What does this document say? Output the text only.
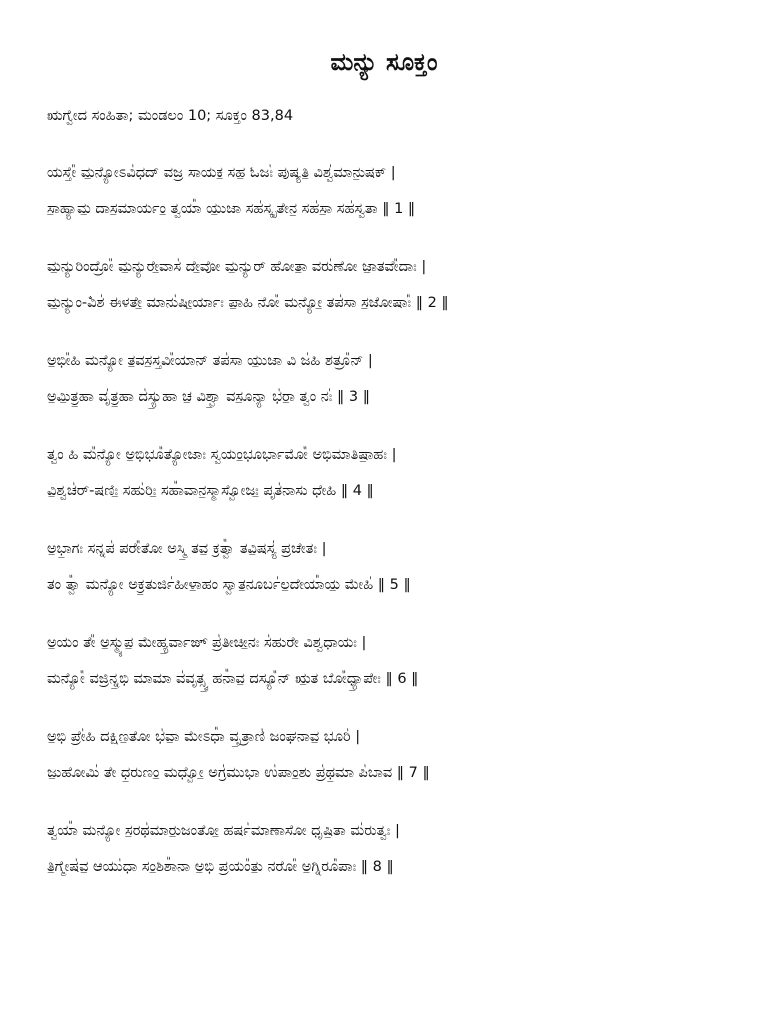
ಮನ್ಯು ಸೂಕ್ತಂ
ಋಗ್ವೇದ ಸಂಹಿತಾ; ಮಂಡಲಂ 10; ಸೂಕ್ತಂ 83,84
ಯಸ್ತೇ᳚ ಮ॒ನ್ಯೋಽವಿ॑ಧದ್ ವಜ್ರ ಸಾಯಕ॒ ಸಹ॒ ಓಜಃ॑ ಪುಷ್ಯತಿ॒ ವಿಶ್ವ॑ಮಾನು॒ಷಕ್ |
ಸಾ॒ಹ್ಯಾಮ॒ ದಾಸ॒ಮಾರ್ಯಂ॒ ತ್ವಯಾ᳚ ಯು॒ಜಾ ಸಹ॑ಸ್ಕೃತೇನ॒ ಸಹ॑ಸಾ॒ ಸಹ॑ಸ್ವತಾ ‖ 1 ‖
ಮ॒ನ್ಯುರಿಂದ್ರೋ᳚ ಮ॒ನ್ಯುರೇ॒ವಾಸ॑ ದೇ॒ವೋ ಮ॒ನ್ಯುರ್ ಹೋತಾ॒ ವರು॑ಣೋ ಜಾ॒ತವೇ᳚ದಾಃ |
ಮ॒ನ್ಯುಂ-ವಿಁಶ॑ ಈಳತೇ॒ ಮಾನು॑ಷೀ॒ರ್ಯಾಃ ಪಾ॒ಹಿ ನೋ᳚ ಮನ್ಯೋ॒ ತಪ॑ಸಾ ಸ॒ಜೋಷಾಃ᳚ ‖ 2 ‖
ಅ॒ಭೀ᳚ಹಿ ಮನ್ಯೋ ತ॒ವಸ॒ಸ್ತವೀ᳚ಯಾನ್ ತಪ॑ಸಾ ಯು॒ಜಾ ವಿ ಜ॑ಹಿ ಶತ್ರೂ᳚ನ್ |
ಅ॒ಮಿ॒ತ್ರ॒ಹಾ ವೃ॑ತ್ರ॒ಹಾ ದ॑ಸ್ಯು॒ಹಾ ಚ॒ ವಿಶ್ವಾ॒ ವಸೂ॒ನ್ಯಾ ಭ॑ರಾ॒ ತ್ವಂ ನಃ॑ ‖ 3 ‖
ತ್ವಂ ಹಿ ಮ᳚ನ್ಯೋ ಅ॒ಭಿಭೂ᳚ತ್ಯೋಜಾಃ ಸ್ವಯಂ॒ಭೂರ್ಭಾಮೋ᳚ ಅಭಿಮಾತಿಷಾ॒ಹಃ |
ವಿ॒ಶ್ವಚ॑ರ್-ಷಣಿಃ॒ ಸಹು॑ರಿಃ॒ ಸಹಾ᳚ವಾನ॒ಸ್ಮಾಸ್ವೋಜಃ॒ ಪೃತ॑ನಾಸು ಧೇಹಿ ‖ 4 ‖
ಅ॒ಭಾ॒ಗಃ ಸನ್ನಪ॑ ಪರೇ᳚ತೋ ಅಸ್ಮಿ॒ ತವ॒ ಕ್ರತ್ವಾ᳚ ತವಿ॒ಷಸ್ಯ॑ ಪ್ರಚೇತಃ |
ತಂ ತ್ವಾ᳚ ಮನ್ಯೋ ಅಕ್ರ॒ತುರ್ಜಿ॑ಹೀಳಾ॒ಹಂ ಸ್ವಾತ॒ನೂರ್ಬ॑ಲ॒ದೇಯಾ᳚ಯ॒ ಮೇಹಿ॑ ‖ 5 ‖
ಅ॒ಯಂ ತೇ᳚ ಅ॒ಸ್ಮ್ಯುಪ॒ ಮೇಹ್ಯ॒ರ್ವಾಙ್ ಪ್ರ॑ತೀಚೀ॒ನಃ ಸ॑ಹುರೇ ವಿಶ್ವಧಾಯಃ |
ಮನ್ಯೋ᳚ ವಜ್ರಿನ್ನ॒ಭಿ ಮಾಮಾ ವ॑ವೃತ್ಸ್ವ॒ ಹನಾ᳚ವ॒ ದಸ್ಯೂ᳚ನ್ ಋ॒ತ ಬೋ᳚ಧ್ಯಾ॒ಪೇಃ ‖ 6 ‖
ಅ॒ಭಿ ಪ್ರೇ॑ಹಿ ದಕ್ಷಿಣ॒ತೋ ಭ॑ವಾ॒ ಮೇಽಧಾ᳚ ವೃ॒ತ್ರಾಣಿ॑ ಜಂಘನಾವ॒ ಭೂರಿ॑ |
ಜು॒ಹೋಮಿ॑ ತೇ ಧ॒ರುಣಂ॒ ಮಧ್ವೋ॒ ಅಗ್ರ॑ಮುಭಾ ಉ॑ಪಾಂ॒ಶು ಪ್ರ॑ಥ॒ಮಾ ಪಿ॑ಬಾವ ‖ 7 ‖
ತ್ವಯಾ᳚ ಮನ್ಯೋ ಸ॒ರಥ॑ಮಾರು॒ಜಂತೋ॒ ಹರ್ಷ॑ಮಾಣಾಸೋ ಧೃಷಿ॒ತಾ ಮ॑ರುತ್ವಃ |
ತಿ॒ಗ್ಮೇಷ॑ವ॒ ಆಯು॑ಧಾ ಸಂ॒ಶಿಶಾ᳚ನಾ ಅ॒ಭಿ ಪ್ರಯಂ᳚ತು॒ ನರೋ᳚ ಅ॒ಗ್ನಿರೂ᳚ಪಾಃ ‖ 8 ‖
